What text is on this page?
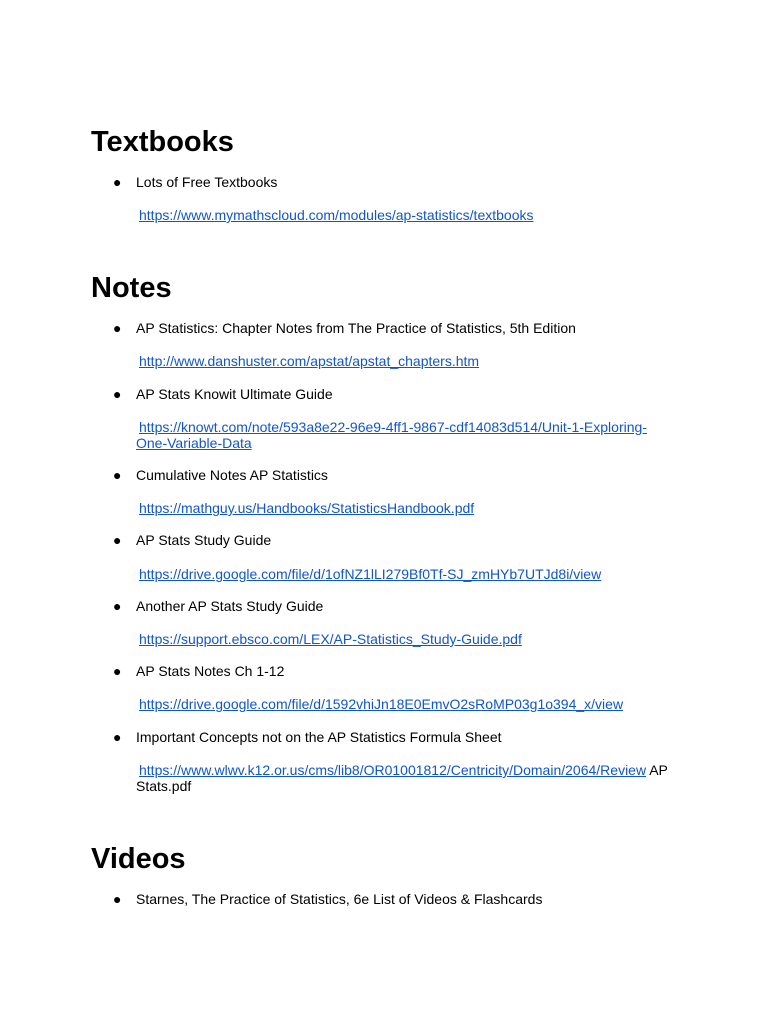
Textbooks
● Lots of Free Textbooks
https://www.mymathscloud.com/modules/ap-statistics/textbooks
Notes
● AP Statistics: Chapter Notes from The Practice of Statistics, 5th Edition
http://www.danshuster.com/apstat/apstat_chapters.htm
● AP Stats Knowit Ultimate Guide
https://knowt.com/note/593a8e22-96e9-4ff1-9867-cdf14083d514/Unit-1-Exploring-One-Variable-Data
● Cumulative Notes AP Statistics
https://mathguy.us/Handbooks/StatisticsHandbook.pdf
● AP Stats Study Guide
https://drive.google.com/file/d/1ofNZ1lLI279Bf0Tf-SJ_zmHYb7UTJd8i/view
● Another AP Stats Study Guide
https://support.ebsco.com/LEX/AP-Statistics_Study-Guide.pdf
● AP Stats Notes Ch 1-12
https://drive.google.com/file/d/1592vhiJn18E0EmvO2sRoMP03g1o394_x/view
● Important Concepts not on the AP Statistics Formula Sheet
https://www.wlwv.k12.or.us/cms/lib8/OR01001812/Centricity/Domain/2064/Review AP Stats.pdf
Videos
● Starnes, The Practice of Statistics, 6e List of Videos & Flashcards
